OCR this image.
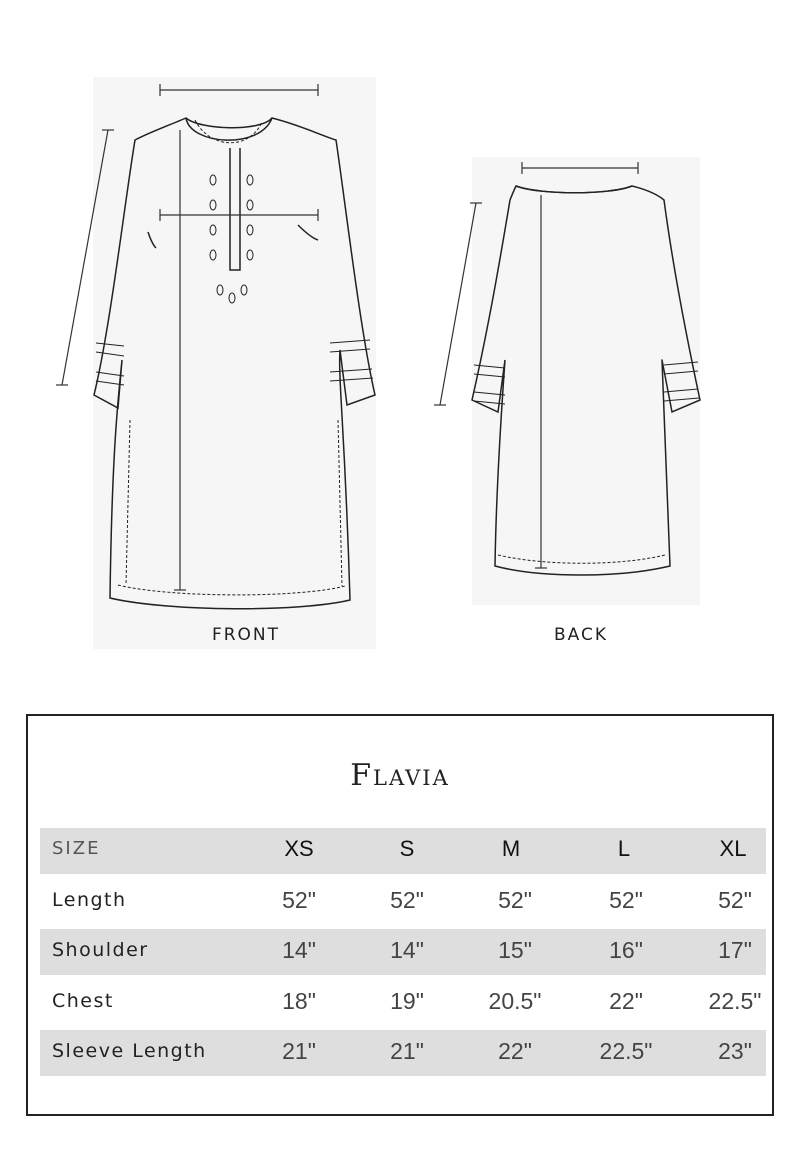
FRONT	BACK
Flavia
SIZE	XS	S	M	L	XL
Length	52"	52"	52"	52"	52"
Shoulder	14"	14"	15"	16"	17"
Chest	18"	19"	20.5"	22"	22.5"
Sleeve Length	21"	21"	22"	22.5"	23"
